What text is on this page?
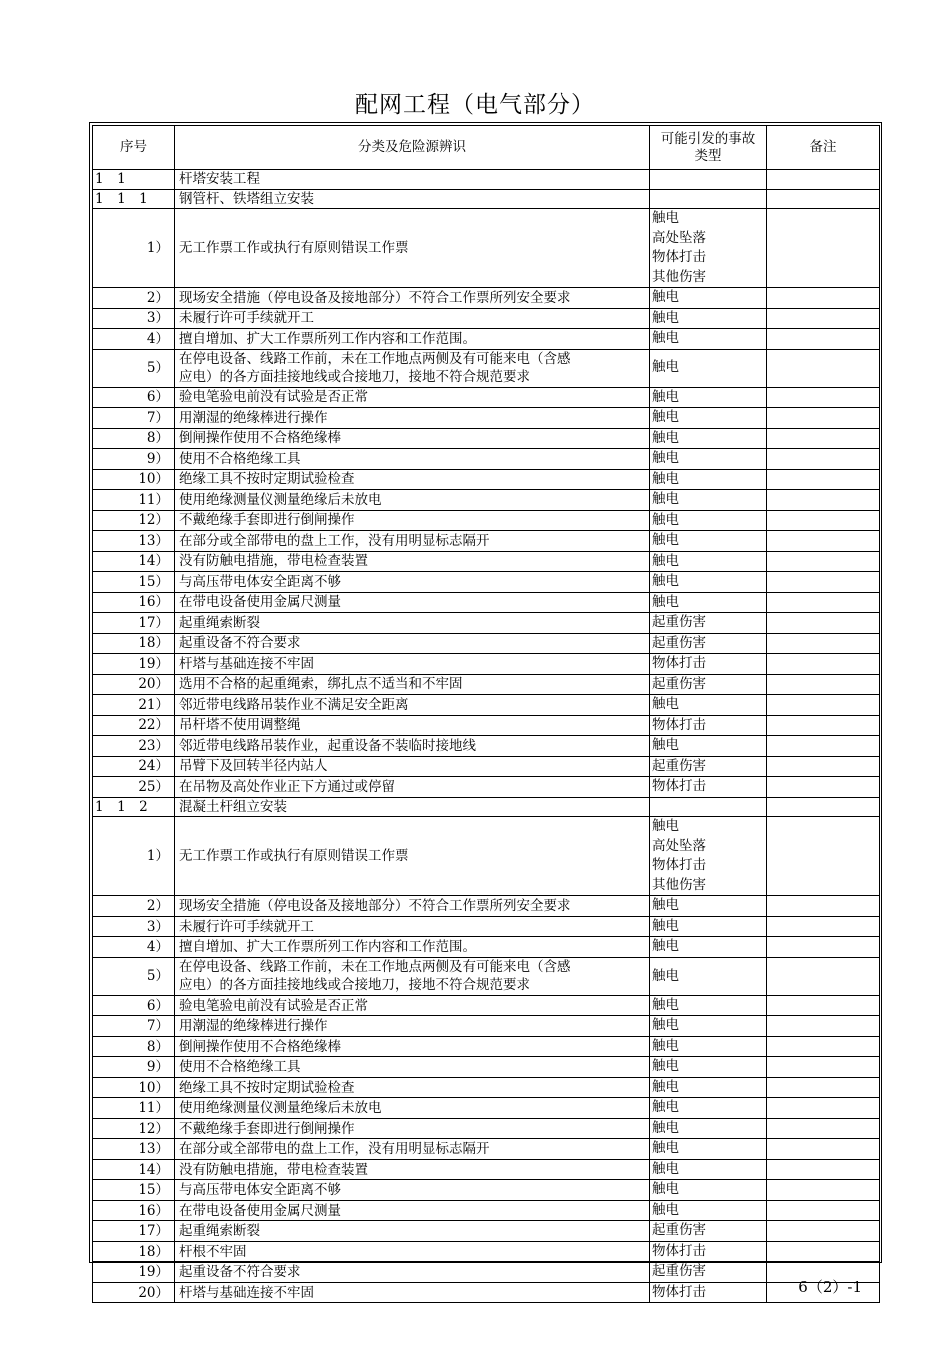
配网工程（电气部分）
序号	分类及危险源辨识	可能引发的事故类型	备注
1　1	杆塔安装工程		
1　1　1	钢管杆、铁塔组立安装		
1）	无工作票工作或执行有原则错误工作票	触电
高处坠落
物体打击
其他伤害	

2）	现场安全措施（停电设备及接地部分）不符合工作票所列安全要求	触电	

3）	未履行许可手续就开工	触电	

4）	擅自增加、扩大工作票所列工作内容和工作范围。	触电	

5）	在停电设备、线路工作前，未在工作地点两侧及有可能来电（含感
应电）的各方面挂接地线或合接地刀，接地不符合规范要求	触电	

6）	验电笔验电前没有试验是否正常	触电	

7）	用潮湿的绝缘棒进行操作	触电	

8）	倒闸操作使用不合格绝缘棒	触电	

9）	使用不合格绝缘工具	触电	

10）	绝缘工具不按时定期试验检查	触电	

11）	使用绝缘测量仪测量绝缘后未放电	触电	

12）	不戴绝缘手套即进行倒闸操作	触电	

13）	在部分或全部带电的盘上工作，没有用明显标志隔开	触电	

14）	没有防触电措施，带电检查装置	触电	

15）	与高压带电体安全距离不够	触电	

16）	在带电设备使用金属尺测量	触电	

17）	起重绳索断裂	起重伤害	

18）	起重设备不符合要求	起重伤害	

19）	杆塔与基础连接不牢固	物体打击	

20）	选用不合格的起重绳索，绑扎点不适当和不牢固	起重伤害	

21）	邻近带电线路吊装作业不满足安全距离	触电	

22）	吊杆塔不使用调整绳	物体打击	

23）	邻近带电线路吊装作业，起重设备不装临时接地线	触电	

24）	吊臂下及回转半径内站人	起重伤害	

25）	在吊物及高处作业正下方通过或停留	物体打击	

1　1　2	混凝土杆组立安装		
1）	无工作票工作或执行有原则错误工作票	触电
高处坠落
物体打击
其他伤害	

2）	现场安全措施（停电设备及接地部分）不符合工作票所列安全要求	触电	

3）	未履行许可手续就开工	触电	

4）	擅自增加、扩大工作票所列工作内容和工作范围。	触电	

5）	在停电设备、线路工作前，未在工作地点两侧及有可能来电（含感
应电）的各方面挂接地线或合接地刀，接地不符合规范要求	触电	

6）	验电笔验电前没有试验是否正常	触电	

7）	用潮湿的绝缘棒进行操作	触电	

8）	倒闸操作使用不合格绝缘棒	触电	

9）	使用不合格绝缘工具	触电	

10）	绝缘工具不按时定期试验检查	触电	

11）	使用绝缘测量仪测量绝缘后未放电	触电	

12）	不戴绝缘手套即进行倒闸操作	触电	

13）	在部分或全部带电的盘上工作，没有用明显标志隔开	触电	

14）	没有防触电措施，带电检查装置	触电	

15）	与高压带电体安全距离不够	触电	

16）	在带电设备使用金属尺测量	触电	

17）	起重绳索断裂	起重伤害	

18）	杆根不牢固	物体打击	

19）	起重设备不符合要求	起重伤害	

20）	杆塔与基础连接不牢固	物体打击	
		6（2）-1
